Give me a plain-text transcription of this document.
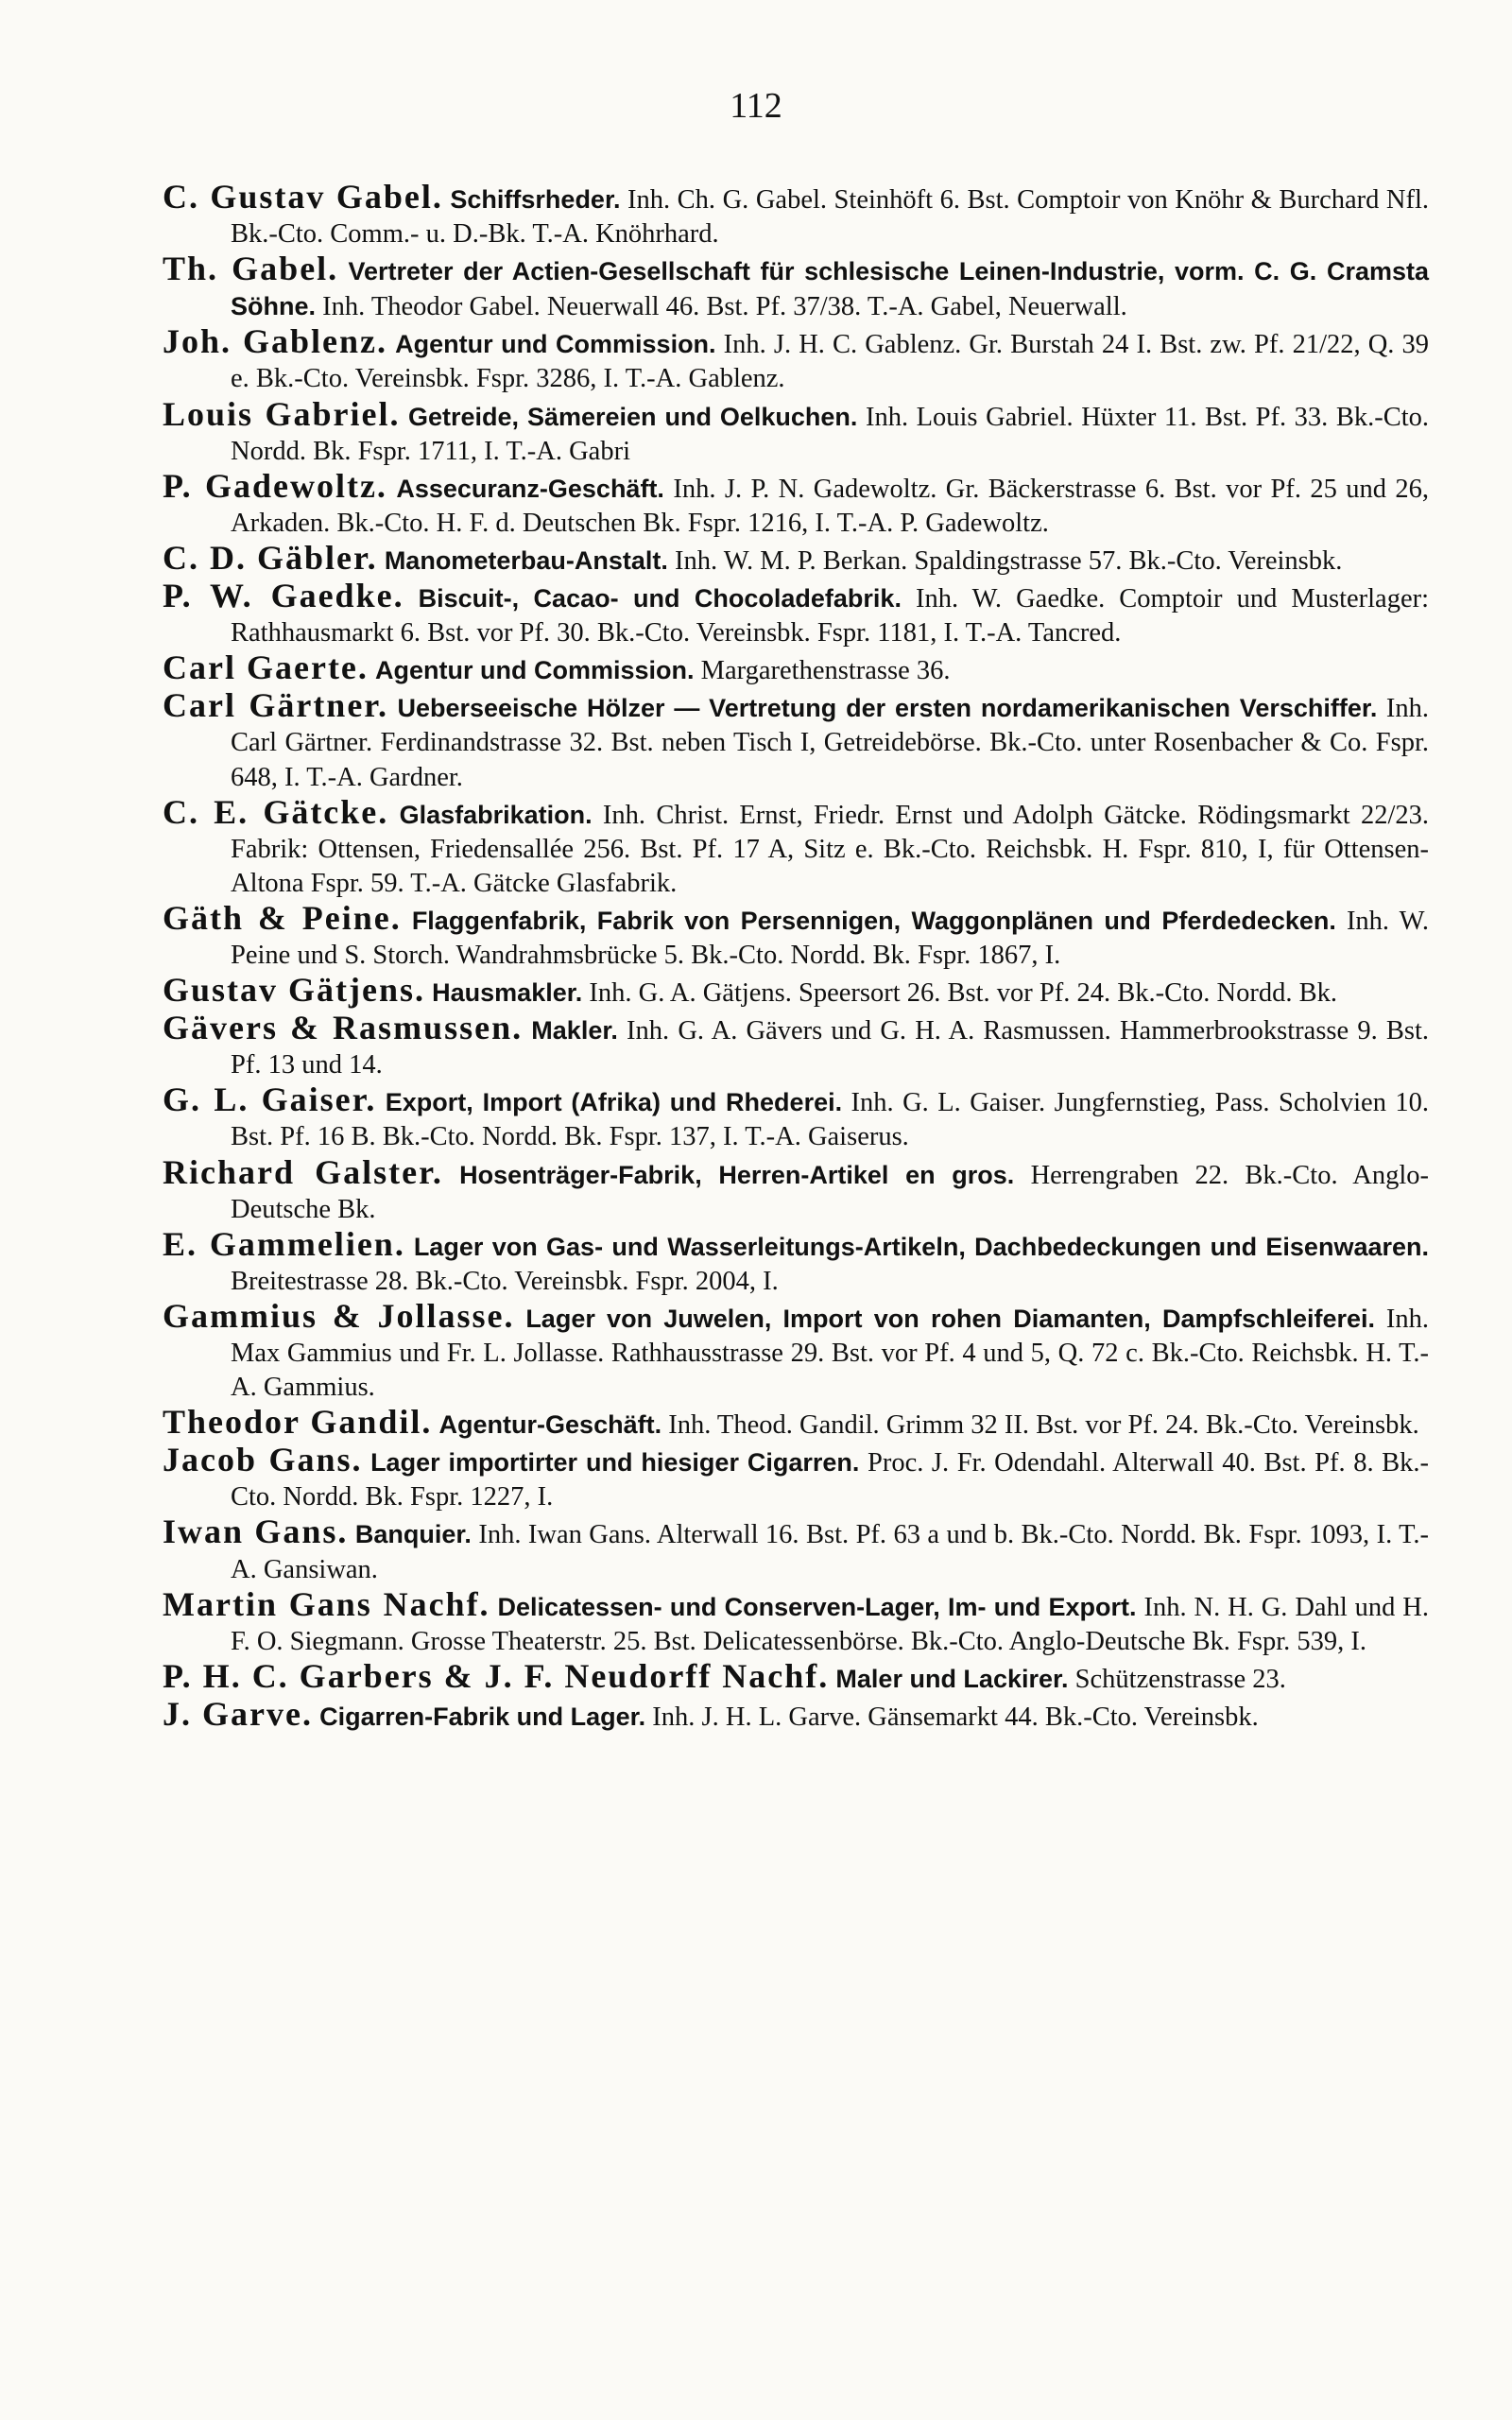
112

C. Gustav Gabel. Schiffsrheder. Inh. Ch. G. Gabel. Steinhöft 6. Bst. Comptoir von Knöhr & Burchard Nfl. Bk.-Cto. Comm.- u. D.-Bk. T.-A. Knöhrhard.

Th. Gabel. Vertreter der Actien-Gesellschaft für schlesische Leinen-Industrie, vorm. C. G. Cramsta Söhne. Inh. Theodor Gabel. Neuerwall 46. Bst. Pf. 37/38. T.-A. Gabel, Neuerwall.

Joh. Gablenz. Agentur und Commission. Inh. J. H. C. Gablenz. Gr. Burstah 24 I. Bst. zw. Pf. 21/22, Q. 39 e. Bk.-Cto. Vereinsbk. Fspr. 3286, I. T.-A. Gablenz.

Louis Gabriel. Getreide, Sämereien und Oelkuchen. Inh. Louis Gabriel. Hüxter 11. Bst. Pf. 33. Bk.-Cto. Nordd. Bk. Fspr. 1711, I. T.-A. Gabri

P. Gadewoltz. Assecuranz-Geschäft. Inh. J. P. N. Gadewoltz. Gr. Bäckerstrasse 6. Bst. vor Pf. 25 und 26, Arkaden. Bk.-Cto. H. F. d. Deutschen Bk. Fspr. 1216, I. T.-A. P. Gadewoltz.

C. D. Gäbler. Manometerbau-Anstalt. Inh. W. M. P. Berkan. Spaldingstrasse 57. Bk.-Cto. Vereinsbk.

P. W. Gaedke. Biscuit-, Cacao- und Chocoladefabrik. Inh. W. Gaedke. Comptoir und Musterlager: Rathhausmarkt 6. Bst. vor Pf. 30. Bk.-Cto. Vereinsbk. Fspr. 1181, I. T.-A. Tancred.

Carl Gaerte. Agentur und Commission. Margarethenstrasse 36.

Carl Gärtner. Ueberseeische Hölzer — Vertretung der ersten nordamerikanischen Verschiffer. Inh. Carl Gärtner. Ferdinandstrasse 32. Bst. neben Tisch I, Getreidebörse. Bk.-Cto. unter Rosenbacher & Co. Fspr. 648, I. T.-A. Gardner.

C. E. Gätcke. Glasfabrikation. Inh. Christ. Ernst, Friedr. Ernst und Adolph Gätcke. Rödingsmarkt 22/23. Fabrik: Ottensen, Friedensallée 256. Bst. Pf. 17 A, Sitz e. Bk.-Cto. Reichsbk. H. Fspr. 810, I, für Ottensen-Altona Fspr. 59. T.-A. Gätcke Glasfabrik.

Gäth & Peine. Flaggenfabrik, Fabrik von Persennigen, Waggonplänen und Pferdedecken. Inh. W. Peine und S. Storch. Wandrahmsbrücke 5. Bk.-Cto. Nordd. Bk. Fspr. 1867, I.

Gustav Gätjens. Hausmakler. Inh. G. A. Gätjens. Speersort 26. Bst. vor Pf. 24. Bk.-Cto. Nordd. Bk.

Gävers & Rasmussen. Makler. Inh. G. A. Gävers und G. H. A. Rasmussen. Hammerbrookstrasse 9. Bst. Pf. 13 und 14.

G. L. Gaiser. Export, Import (Afrika) und Rhederei. Inh. G. L. Gaiser. Jungfernstieg, Pass. Scholvien 10. Bst. Pf. 16 B. Bk.-Cto. Nordd. Bk. Fspr. 137, I. T.-A. Gaiserus.

Richard Galster. Hosenträger-Fabrik, Herren-Artikel en gros. Herrengraben 22. Bk.-Cto. Anglo-Deutsche Bk.

E. Gammelien. Lager von Gas- und Wasserleitungs-Artikeln, Dachbedeckungen und Eisenwaaren. Breitestrasse 28. Bk.-Cto. Vereinsbk. Fspr. 2004, I.

Gammius & Jollasse. Lager von Juwelen, Import von rohen Diamanten, Dampfschleiferei. Inh. Max Gammius und Fr. L. Jollasse. Rathhausstrasse 29. Bst. vor Pf. 4 und 5, Q. 72 c. Bk.-Cto. Reichsbk. H. T.-A. Gammius.

Theodor Gandil. Agentur-Geschäft. Inh. Theod. Gandil. Grimm 32 II. Bst. vor Pf. 24. Bk.-Cto. Vereinsbk.

Jacob Gans. Lager importirter und hiesiger Cigarren. Proc. J. Fr. Odendahl. Alterwall 40. Bst. Pf. 8. Bk.-Cto. Nordd. Bk. Fspr. 1227, I.

Iwan Gans. Banquier. Inh. Iwan Gans. Alterwall 16. Bst. Pf. 63 a und b. Bk.-Cto. Nordd. Bk. Fspr. 1093, I. T.-A. Gansiwan.

Martin Gans Nachf. Delicatessen- und Conserven-Lager, Im- und Export. Inh. N. H. G. Dahl und H. F. O. Siegmann. Grosse Theaterstr. 25. Bst. Delicatessenbörse. Bk.-Cto. Anglo-Deutsche Bk. Fspr. 539, I.

P. H. C. Garbers & J. F. Neudorff Nachf. Maler und Lackirer. Schützenstrasse 23.

J. Garve. Cigarren-Fabrik und Lager. Inh. J. H. L. Garve. Gänsemarkt 44. Bk.-Cto. Vereinsbk.
